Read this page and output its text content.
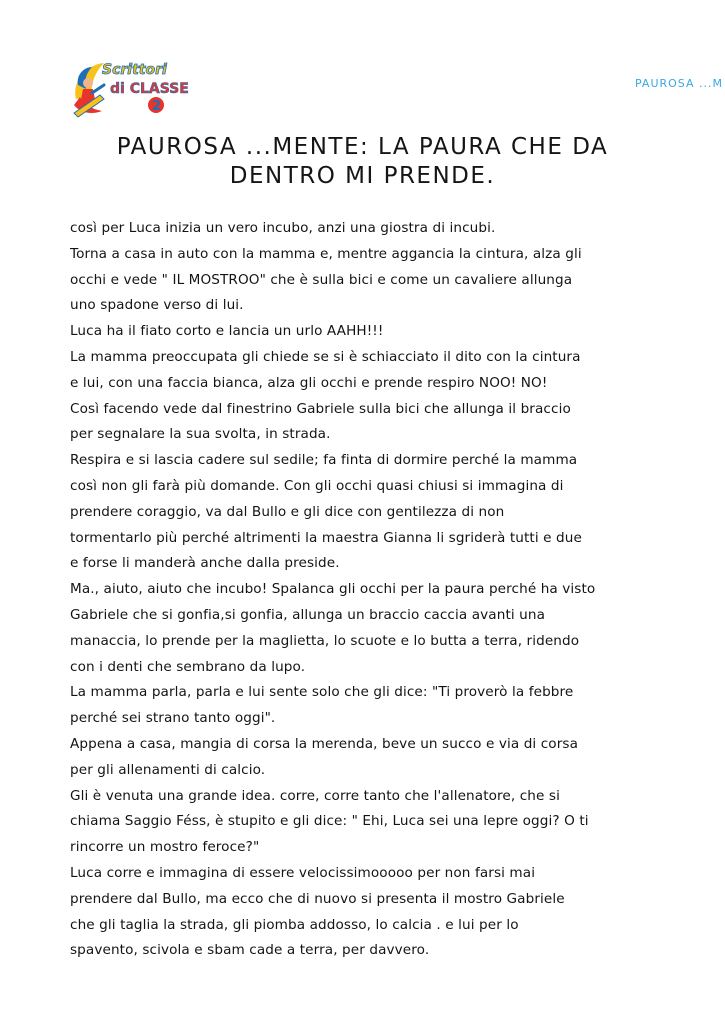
Scrittori
di CLASSE
2
PAUROSA ...M
PAUROSA ...MENTE: LA PAURA CHE DA
DENTRO MI PRENDE.

così per Luca inizia un vero incubo, anzi una giostra di incubi.

Torna a casa in auto con la mamma e, mentre aggancia la cintura, alza gli

occhi e vede " IL MOSTROO" che è sulla bici e come un cavaliere allunga

uno spadone verso di lui.

Luca ha il fiato corto e lancia un urlo AAHH!!!

La mamma preoccupata gli chiede se si è schiacciato il dito con la cintura

e lui, con una faccia bianca, alza gli occhi e prende respiro NOO! NO!

Così facendo vede dal finestrino Gabriele sulla bici che allunga il braccio

per segnalare la sua svolta, in strada.

Respira e si lascia cadere sul sedile; fa finta di dormire perché la mamma

così non gli farà più domande. Con gli occhi quasi chiusi si immagina di

prendere coraggio, va dal Bullo e gli dice con gentilezza di non

tormentarlo più perché altrimenti la maestra Gianna li sgriderà tutti e due

e forse li manderà anche dalla preside.

Ma., aiuto, aiuto che incubo! Spalanca gli occhi per la paura perché ha visto

Gabriele che si gonfia,si gonfia, allunga un braccio caccia avanti una

manaccia, lo prende per la maglietta, lo scuote e lo butta a terra, ridendo

con i denti che sembrano da lupo.

La mamma parla, parla e lui sente solo che gli dice: "Ti proverò la febbre

perché sei strano tanto oggi".

Appena a casa, mangia di corsa la merenda, beve un succo e via di corsa

per gli allenamenti di calcio.

Gli è venuta una grande idea. corre, corre tanto che l'allenatore, che si

chiama Saggio Féss, è stupito e gli dice: " Ehi, Luca sei una lepre oggi? O ti

rincorre un mostro feroce?"

Luca corre e immagina di essere velocissimooooo per non farsi mai

prendere dal Bullo, ma ecco che di nuovo si presenta il mostro Gabriele

che gli taglia la strada, gli piomba addosso, lo calcia . e lui per lo

spavento, scivola e sbam cade a terra, per davvero.
